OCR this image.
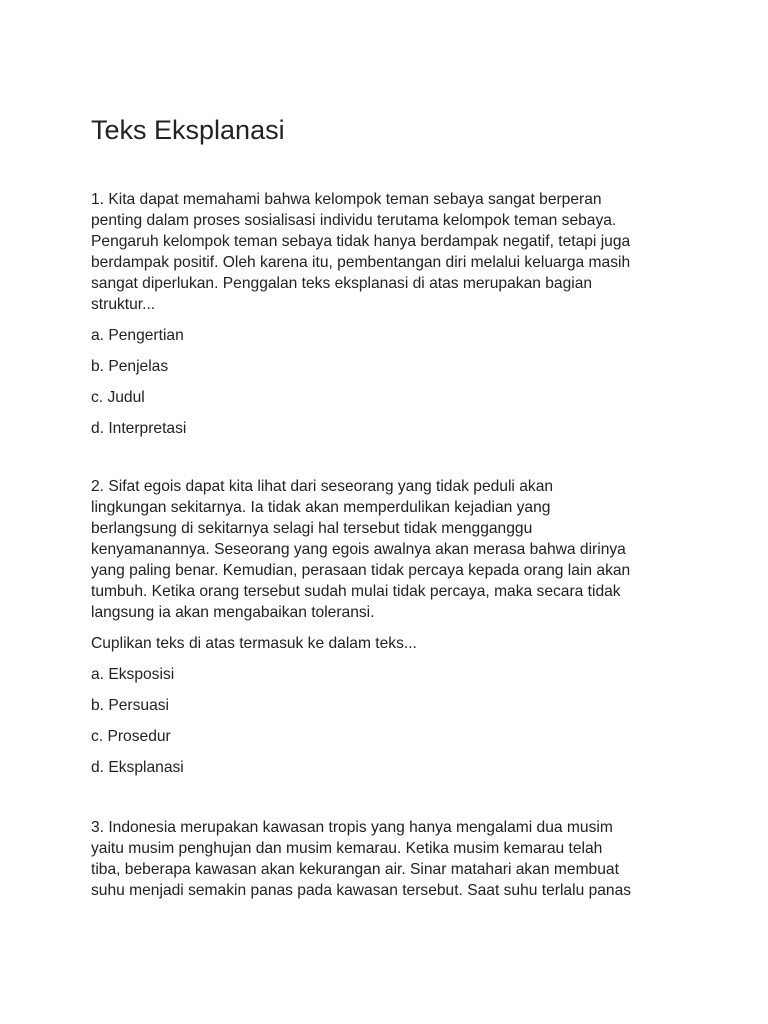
Teks Eksplanasi
1. Kita dapat memahami bahwa kelompok teman sebaya sangat berperan
penting dalam proses sosialisasi individu terutama kelompok teman sebaya.
Pengaruh kelompok teman sebaya tidak hanya berdampak negatif, tetapi juga
berdampak positif. Oleh karena itu, pembentangan diri melalui keluarga masih
sangat diperlukan. Penggalan teks eksplanasi di atas merupakan bagian
struktur...
a. Pengertian
b. Penjelas
c. Judul
d. Interpretasi
2. Sifat egois dapat kita lihat dari seseorang yang tidak peduli akan
lingkungan sekitarnya. Ia tidak akan memperdulikan kejadian yang
berlangsung di sekitarnya selagi hal tersebut tidak mengganggu
kenyamanannya. Seseorang yang egois awalnya akan merasa bahwa dirinya
yang paling benar. Kemudian, perasaan tidak percaya kepada orang lain akan
tumbuh. Ketika orang tersebut sudah mulai tidak percaya, maka secara tidak
langsung ia akan mengabaikan toleransi.
Cuplikan teks di atas termasuk ke dalam teks...
a. Eksposisi
b. Persuasi
c. Prosedur
d. Eksplanasi
3. Indonesia merupakan kawasan tropis yang hanya mengalami dua musim
yaitu musim penghujan dan musim kemarau. Ketika musim kemarau telah
tiba, beberapa kawasan akan kekurangan air. Sinar matahari akan membuat
suhu menjadi semakin panas pada kawasan tersebut. Saat suhu terlalu panas
